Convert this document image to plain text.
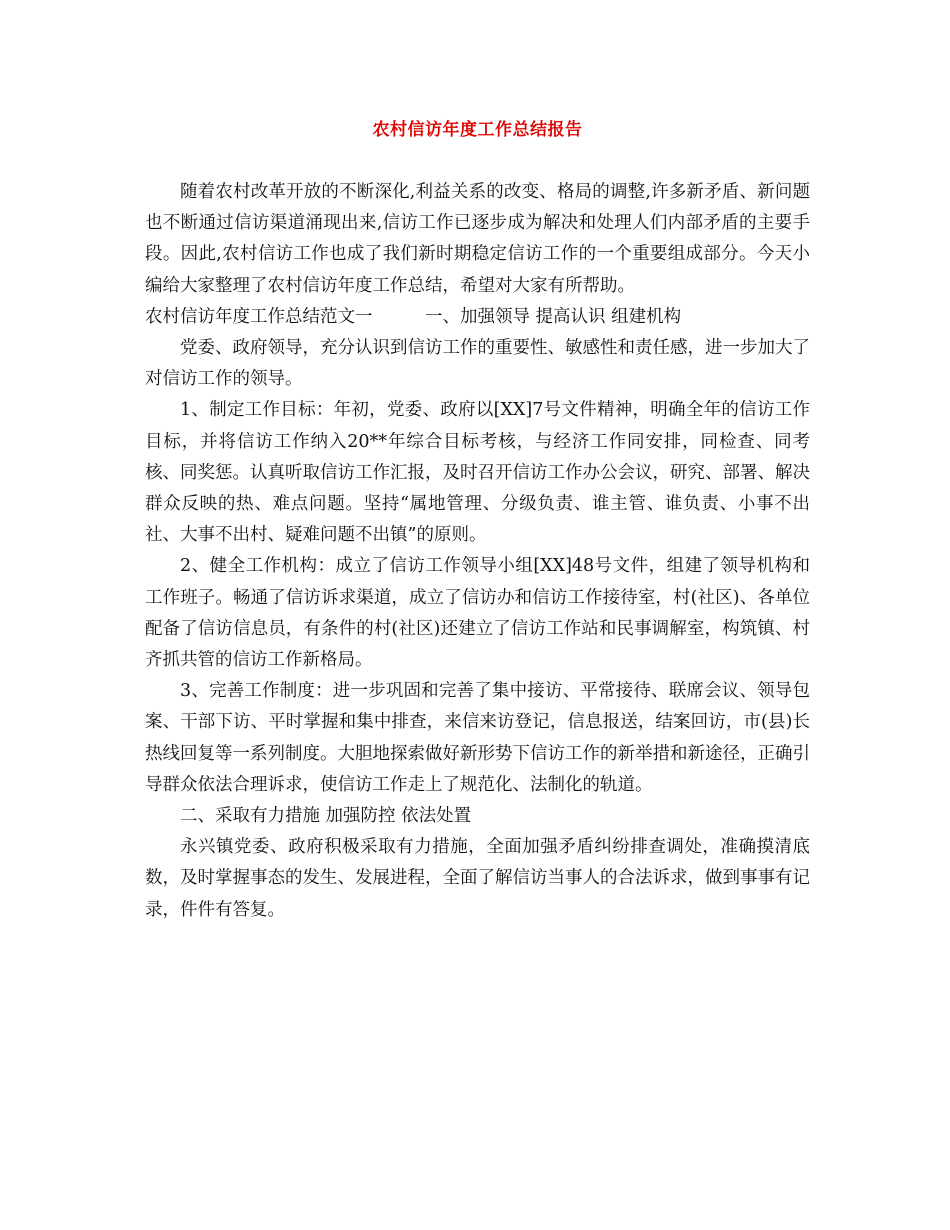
农村信访年度工作总结报告

随着农村改革开放的不断深化,利益关系的改变、格局的调整,许多新矛盾、新问题也不断通过信访渠道涌现出来,信访工作已逐步成为解决和处理人们内部矛盾的主要手段。因此,农村信访工作也成了我们新时期稳定信访工作的一个重要组成部分。今天小编给大家整理了农村信访年度工作总结，希望对大家有所帮助。

农村信访年度工作总结范文一　　　一、加强领导 提高认识 组建机构

党委、政府领导，充分认识到信访工作的重要性、敏感性和责任感，进一步加大了对信访工作的领导。

1、制定工作目标：年初，党委、政府以[XX]7号文件精神，明确全年的信访工作目标，并将信访工作纳入20**年综合目标考核，与经济工作同安排，同检查、同考核、同奖惩。认真听取信访工作汇报，及时召开信访工作办公会议，研究、部署、解决群众反映的热、难点问题。坚持“属地管理、分级负责、谁主管、谁负责、小事不出社、大事不出村、疑难问题不出镇”的原则。

2、健全工作机构：成立了信访工作领导小组[XX]48号文件，组建了领导机构和工作班子。畅通了信访诉求渠道，成立了信访办和信访工作接待室，村(社区)、各单位配备了信访信息员，有条件的村(社区)还建立了信访工作站和民事调解室，构筑镇、村齐抓共管的信访工作新格局。

3、完善工作制度：进一步巩固和完善了集中接访、平常接待、联席会议、领导包案、干部下访、平时掌握和集中排查，来信来访登记，信息报送，结案回访，市(县)长热线回复等一系列制度。大胆地探索做好新形势下信访工作的新举措和新途径，正确引导群众依法合理诉求，使信访工作走上了规范化、法制化的轨道。

二、采取有力措施 加强防控 依法处置

永兴镇党委、政府积极采取有力措施，全面加强矛盾纠纷排查调处，准确摸清底数，及时掌握事态的发生、发展进程，全面了解信访当事人的合法诉求，做到事事有记录，件件有答复。
